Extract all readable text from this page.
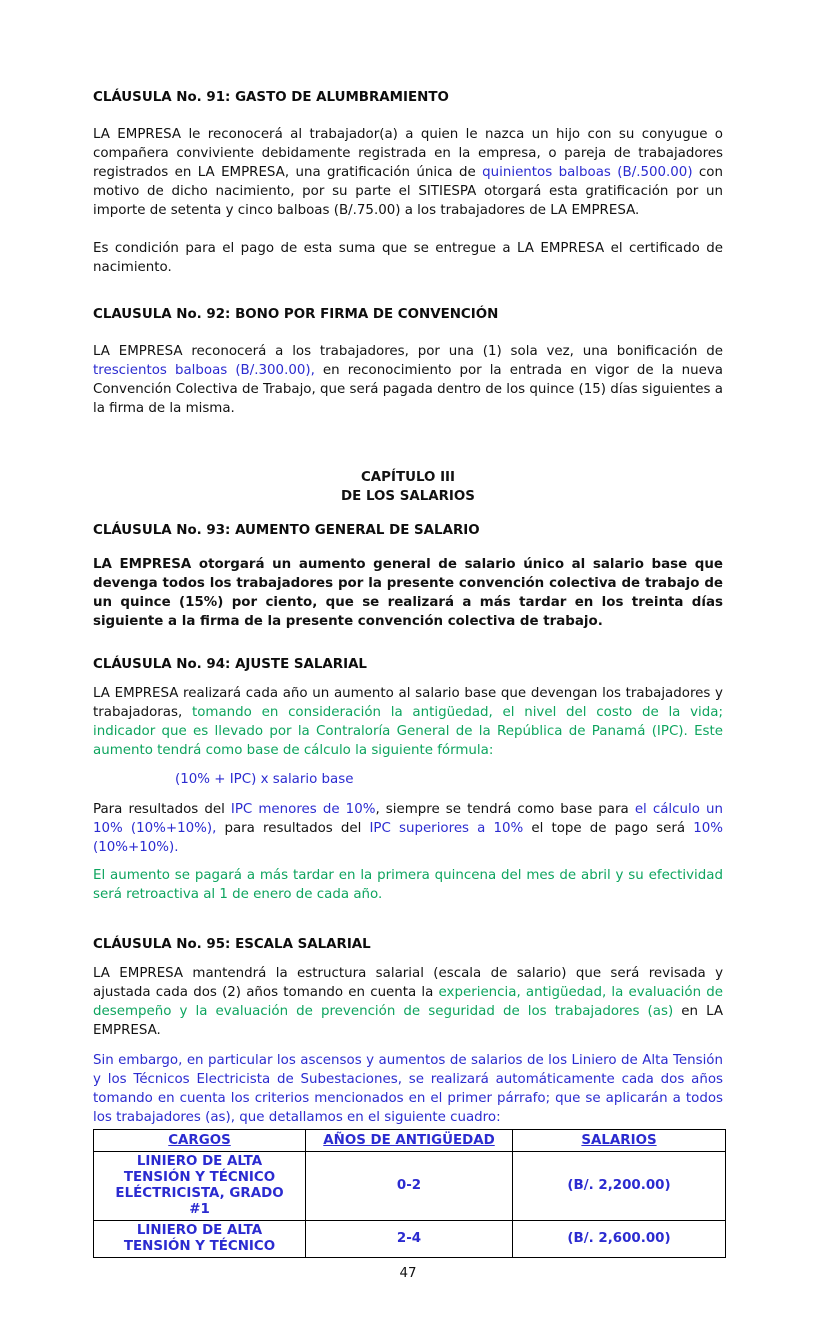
CLÁUSULA No. 91: GASTO DE ALUMBRAMIENTO

LA EMPRESA le reconocerá al trabajador(a) a quien le nazca un hijo con su conyugue o compañera conviviente debidamente registrada en la empresa, o pareja de trabajadores registrados en LA EMPRESA, una gratificación única de quinientos balboas (B/.500.00) con motivo de dicho nacimiento, por su parte el SITIESPA otorgará esta gratificación por un importe de setenta y cinco balboas (B/.75.00) a los trabajadores de LA EMPRESA.

Es condición para el pago de esta suma que se entregue a LA EMPRESA el certificado de nacimiento.

CLAUSULA No. 92: BONO POR FIRMA DE CONVENCIÓN

LA EMPRESA reconocerá a los trabajadores, por una (1) sola vez, una bonificación de trescientos balboas (B/.300.00), en reconocimiento por la entrada en vigor de la nueva Convención Colectiva de Trabajo, que será pagada dentro de los quince (15) días siguientes a la firma de la misma.

CAPÍTULO III
DE LOS SALARIOS
CLÁUSULA No. 93: AUMENTO GENERAL DE SALARIO

LA EMPRESA otorgará un aumento general de salario único al salario base que devenga todos los trabajadores por la presente convención colectiva de trabajo de un quince (15%) por ciento, que se realizará a más tardar en los treinta días siguiente a la firma de la presente convención colectiva de trabajo.

CLÁUSULA No. 94: AJUSTE SALARIAL

LA EMPRESA realizará cada año un aumento al salario base que devengan los trabajadores y trabajadoras, tomando en consideración la antigüedad, el nivel del costo de la vida; indicador que es llevado por la Contraloría General de la República de Panamá (IPC). Este aumento tendrá como base de cálculo la siguiente fórmula:

(10% + IPC) x salario base

Para resultados del IPC menores de 10%, siempre se tendrá como base para el cálculo un 10% (10%+10%), para resultados del IPC superiores a 10% el tope de pago será 10% (10%+10%).

El aumento se pagará a más tardar en la primera quincena del mes de abril y su efectividad será retroactiva al 1 de enero de cada año.

CLÁUSULA No. 95: ESCALA SALARIAL

LA EMPRESA mantendrá la estructura salarial (escala de salario) que será revisada y ajustada cada dos (2) años tomando en cuenta la experiencia, antigüedad, la evaluación de desempeño y la evaluación de prevención de seguridad de los trabajadores (as) en LA EMPRESA.

Sin embargo, en particular los ascensos y aumentos de salarios de los Liniero de Alta Tensión y los Técnicos Electricista de Subestaciones, se realizará automáticamente cada dos años tomando en cuenta los criterios mencionados en el primer párrafo; que se aplicarán a todos los trabajadores (as), que detallamos en el siguiente cuadro:

CARGOS	AÑOS DE ANTIGÜEDAD	SALARIOS

LINIERO DE ALTA
TENSIÓN Y TÉCNICO
ELÉCTRICISTA, GRADO
#1	0-2	(B/. 2,200.00)

LINIERO DE ALTA
TENSIÓN Y TÉCNICO	2-4	(B/. 2,600.00)
47
